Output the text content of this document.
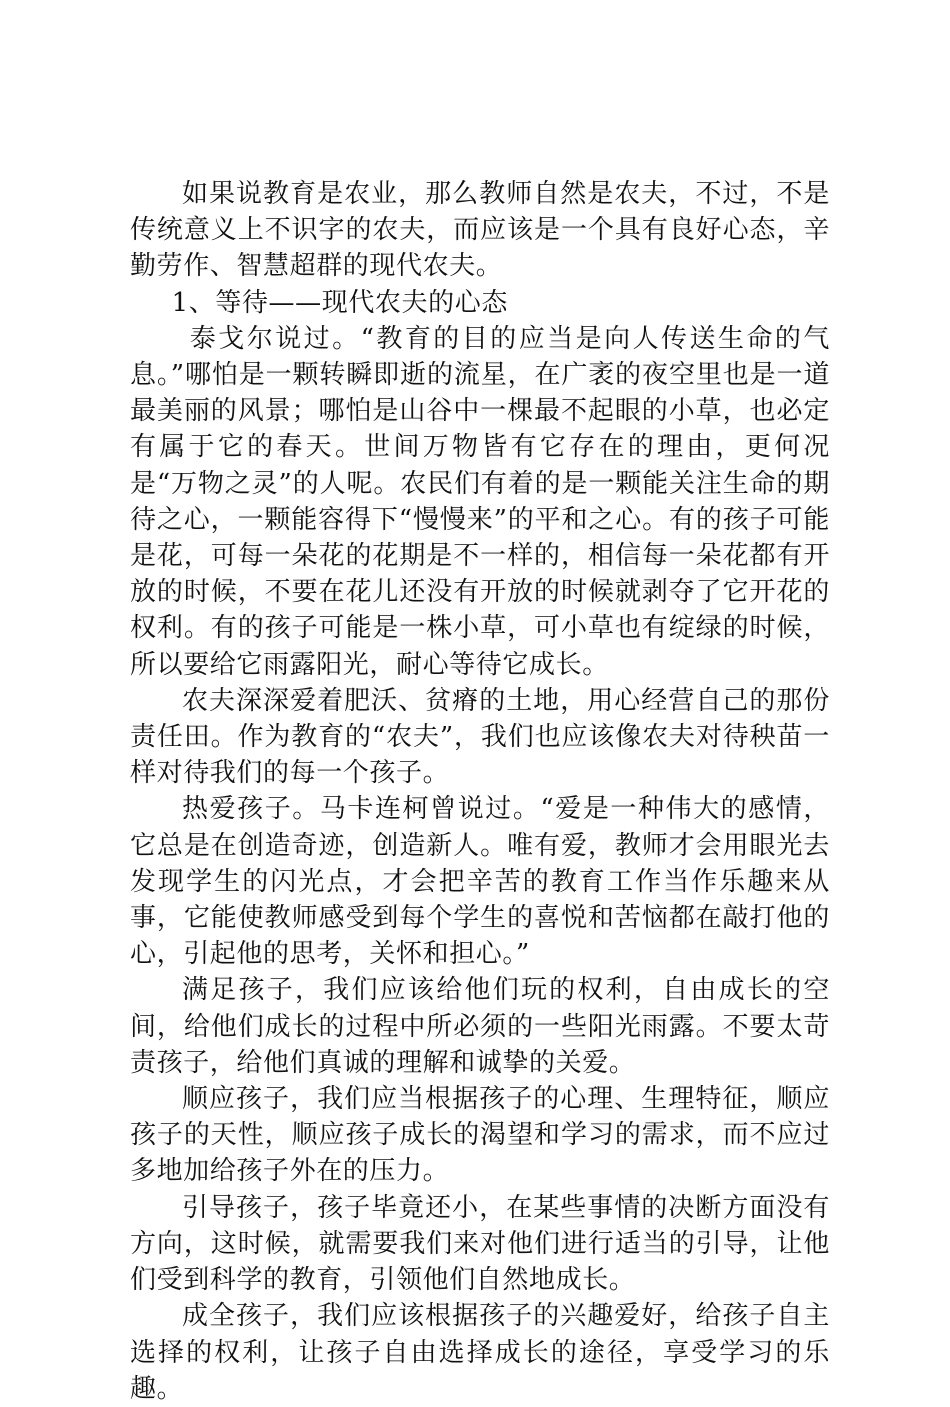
如果说教育是农业，那么教师自然是农夫，不过，不是传统意义上不识字的农夫，而应该是一个具有良好心态，辛勤劳作、智慧超群的现代农夫。

1、等待——现代农夫的心态

泰戈尔说过。“教育的目的应当是向人传送生命的气息。”哪怕是一颗转瞬即逝的流星，在广袤的夜空里也是一道最美丽的风景；哪怕是山谷中一棵最不起眼的小草，也必定有属于它的春天。世间万物皆有它存在的理由，更何况是“万物之灵”的人呢。农民们有着的是一颗能关注生命的期待之心，一颗能容得下“慢慢来”的平和之心。有的孩子可能是花，可每一朵花的花期是不一样的，相信每一朵花都有开放的时候，不要在花儿还没有开放的时候就剥夺了它开花的权利。有的孩子可能是一株小草，可小草也有绽绿的时候，所以要给它雨露阳光，耐心等待它成长。

农夫深深爱着肥沃、贫瘠的土地，用心经营自己的那份责任田。作为教育的“农夫”，我们也应该像农夫对待秧苗一样对待我们的每一个孩子。

热爱孩子。马卡连柯曾说过。“爱是一种伟大的感情，它总是在创造奇迹，创造新人。唯有爱，教师才会用眼光去发现学生的闪光点，才会把辛苦的教育工作当作乐趣来从事，它能使教师感受到每个学生的喜悦和苦恼都在敲打他的心，引起他的思考，关怀和担心。”

满足孩子，我们应该给他们玩的权利，自由成长的空间，给他们成长的过程中所必须的一些阳光雨露。不要太苛责孩子，给他们真诚的理解和诚挚的关爱。

顺应孩子，我们应当根据孩子的心理、生理特征，顺应孩子的天性，顺应孩子成长的渴望和学习的需求，而不应过多地加给孩子外在的压力。

引导孩子，孩子毕竟还小，在某些事情的决断方面没有方向，这时候，就需要我们来对他们进行适当的引导，让他们受到科学的教育，引领他们自然地成长。

成全孩子，我们应该根据孩子的兴趣爱好，给孩子自主选择的权利，让孩子自由选择成长的途径，享受学习的乐趣。
